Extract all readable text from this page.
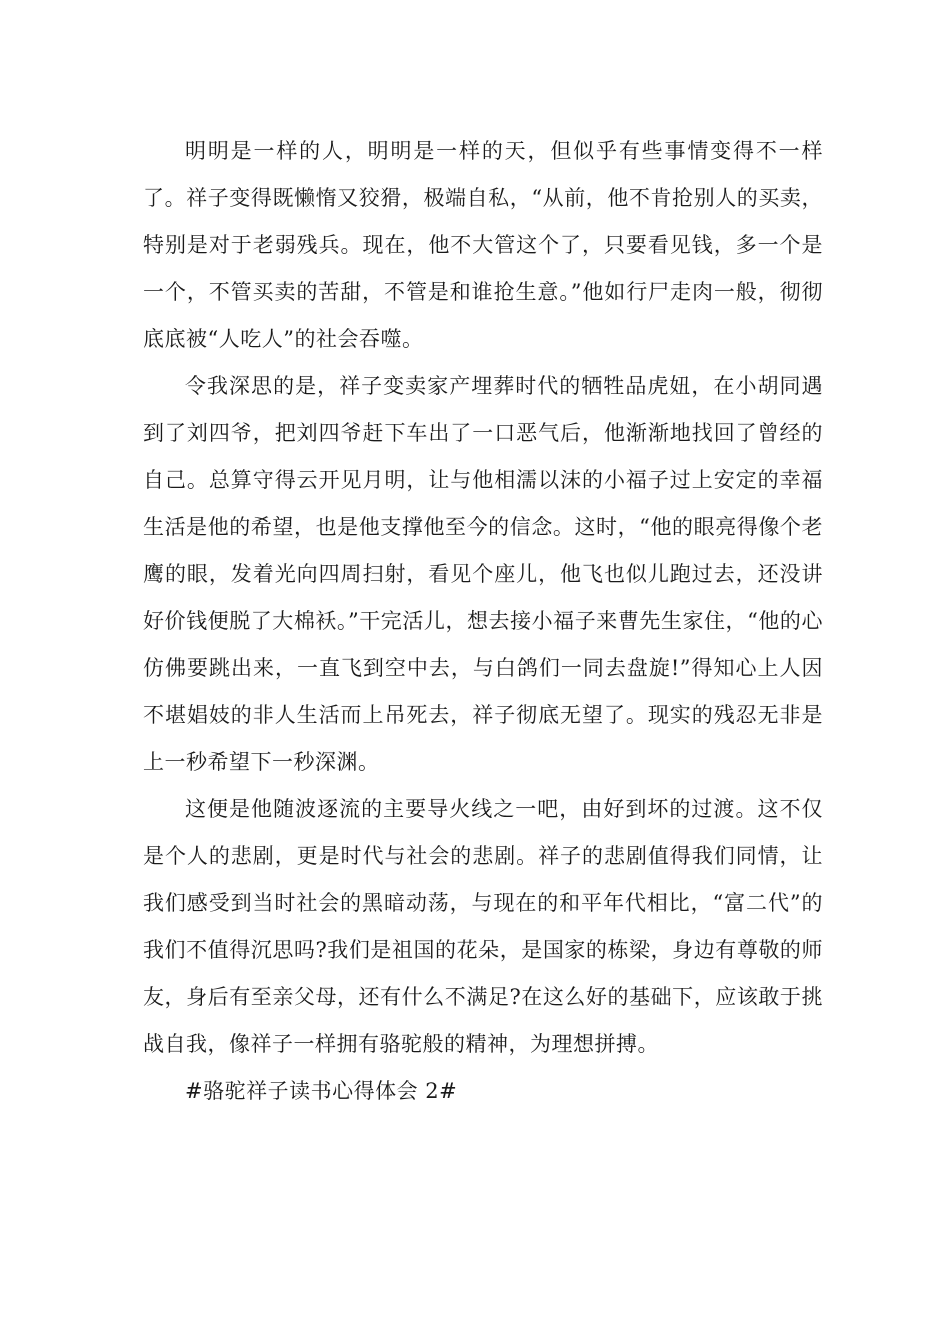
明明是一样的人，明明是一样的天，但似乎有些事情变得不一样了。祥子变得既懒惰又狡猾，极端自私，“从前，他不肯抢别人的买卖，特别是对于老弱残兵。现在，他不大管这个了，只要看见钱，多一个是一个，不管买卖的苦甜，不管是和谁抢生意。”他如行尸走肉一般，彻彻底底被“人吃人”的社会吞噬。

令我深思的是，祥子变卖家产埋葬时代的牺牲品虎妞，在小胡同遇到了刘四爷，把刘四爷赶下车出了一口恶气后，他渐渐地找回了曾经的自己。总算守得云开见月明，让与他相濡以沫的小福子过上安定的幸福生活是他的希望，也是他支撑他至今的信念。这时，“他的眼亮得像个老鹰的眼，发着光向四周扫射，看见个座儿，他飞也似儿跑过去，还没讲好价钱便脱了大棉袄。”干完活儿，想去接小福子来曹先生家住，“他的心仿佛要跳出来，一直飞到空中去，与白鸽们一同去盘旋!”得知心上人因不堪娼妓的非人生活而上吊死去，祥子彻底无望了。现实的残忍无非是上一秒希望下一秒深渊。

这便是他随波逐流的主要导火线之一吧，由好到坏的过渡。这不仅是个人的悲剧，更是时代与社会的悲剧。祥子的悲剧值得我们同情，让我们感受到当时社会的黑暗动荡，与现在的和平年代相比，“富二代”的我们不值得沉思吗?我们是祖国的花朵，是国家的栋梁，身边有尊敬的师友，身后有至亲父母，还有什么不满足?在这么好的基础下，应该敢于挑战自我，像祥子一样拥有骆驼般的精神，为理想拼搏。

#骆驼祥子读书心得体会 2#
